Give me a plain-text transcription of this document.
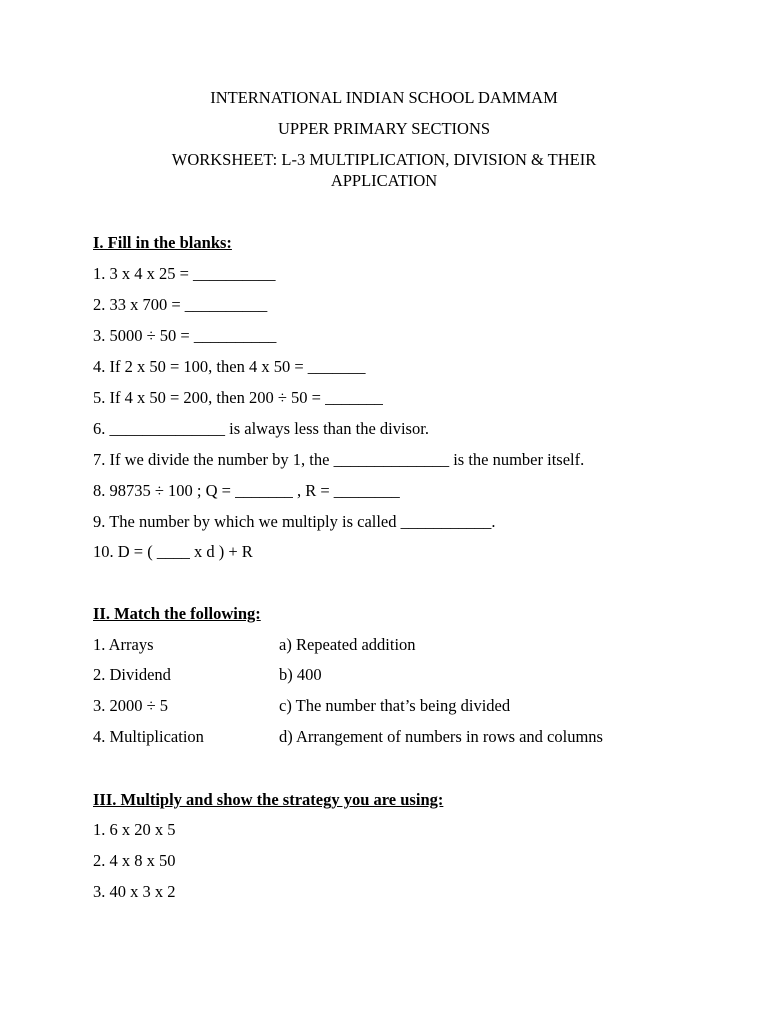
INTERNATIONAL INDIAN SCHOOL DAMMAM
UPPER PRIMARY SECTIONS
WORKSHEET: L-3 MULTIPLICATION, DIVISION & THEIR
APPLICATION
I. Fill in the blanks:
1. 3 x 4 x 25 = __________
2. 33 x 700 = __________
3. 5000 ÷ 50 = __________
4. If 2 x 50 = 100, then 4 x 50 = _______
5. If 4 x 50 = 200, then 200 ÷ 50 = _______
6. ______________ is always less than the divisor.
7. If we divide the number by 1, the ______________ is the number itself.
8. 98735 ÷ 100 ; Q = _______ , R = ________
9. The number by which we multiply is called ___________.
10. D = ( ____ x d ) + R
II. Match the following:
1. Arrays	a) Repeated addition
2. Dividend	b) 400
3. 2000 ÷ 5	c) The number that’s being divided
4. Multiplication	d) Arrangement of numbers in rows and columns
III. Multiply and show the strategy you are using:
1. 6 x 20 x 5
2. 4 x 8 x 50
3. 40 x 3 x 2
